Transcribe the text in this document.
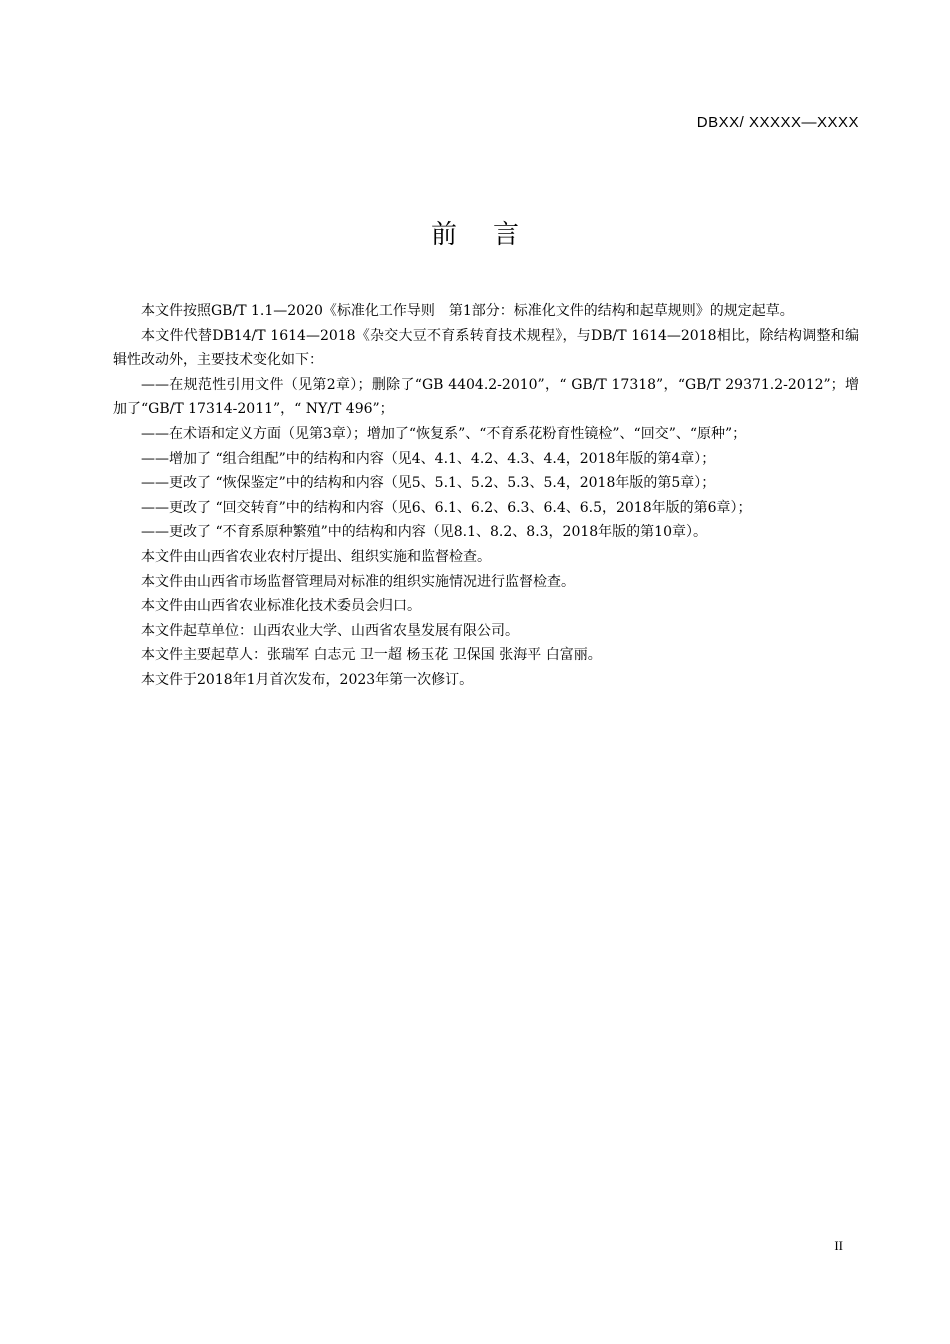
DBXX/ XXXXX—XXXX
前言

本文件按照GB/T 1.1—2020《标准化工作导则　第1部分：标准化文件的结构和起草规则》的规定起草。

本文件代替DB14/T 1614—2018《杂交大豆不育系转育技术规程》，与DB/T 1614—2018相比，除结构调整和编辑性改动外，主要技术变化如下：

——在规范性引用文件（见第2章）；删除了“GB 4404.2-2010”，“ GB/T 17318”，“GB/T 29371.2-2012”；增加了“GB/T 17314-2011”，“ NY/T 496”；

——在术语和定义方面（见第3章）；增加了“恢复系”、“不育系花粉育性镜检”、“回交”、“原种”；

——增加了 “组合组配”中的结构和内容（见4、4.1、4.2、4.3、4.4，2018年版的第4章）；

——更改了 “恢保鉴定”中的结构和内容（见5、5.1、5.2、5.3、5.4，2018年版的第5章）；

——更改了 “回交转育”中的结构和内容（见6、6.1、6.2、6.3、6.4、6.5，2018年版的第6章）；

——更改了 “不育系原种繁殖”中的结构和内容（见8.1、8.2、8.3，2018年版的第10章）。

本文件由山西省农业农村厅提出、组织实施和监督检查。

本文件由山西省市场监督管理局对标准的组织实施情况进行监督检查。

本文件由山西省农业标准化技术委员会归口。

本文件起草单位：山西农业大学、山西省农垦发展有限公司。

本文件主要起草人：张瑞军 白志元 卫一超 杨玉花 卫保国 张海平 白富丽。

本文件于2018年1月首次发布，2023年第一次修订。

II
